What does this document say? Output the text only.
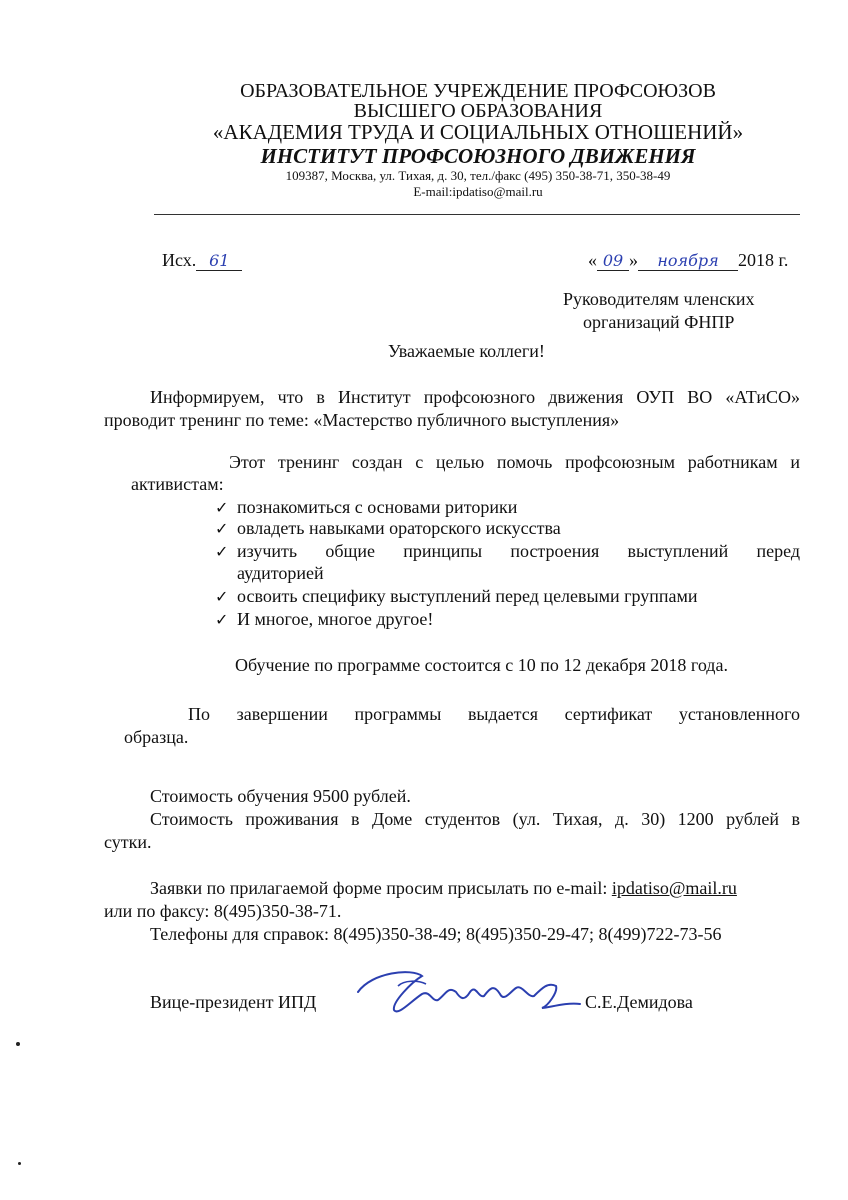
ОБРАЗОВАТЕЛЬНОЕ УЧРЕЖДЕНИЕ ПРОФСОЮЗОВ
ВЫСШЕГО ОБРАЗОВАНИЯ
«АКАДЕМИЯ ТРУДА И СОЦИАЛЬНЫХ ОТНОШЕНИЙ»
ИНСТИТУТ ПРОФСОЮЗНОГО ДВИЖЕНИЯ
109387, Москва, ул. Тихая, д. 30, тел./факс (495) 350-38-71, 350-38-49
E-mail:ipdatiso@mail.ru
Исх. 61	« 09 » ноября 2018 г.
Руководителям членских
организаций ФНПР
Уважаемые коллеги!
Информируем, что в Институт профсоюзного движения ОУП ВО «АТиСО»
проводит тренинг по теме: «Мастерство публичного выступления»
Этот тренинг создан с целью помочь профсоюзным работникам и
активистам:
✓ познакомиться с основами риторики
✓ овладеть навыками ораторского искусства
✓ изучить общие принципы построения выступлений перед
аудиторией
✓ освоить специфику выступлений перед целевыми группами
✓ И многое, многое другое!
Обучение по программе состоится с 10 по 12 декабря 2018 года.
По завершении программы выдается сертификат установленного
образца.
Стоимость обучения 9500 рублей.
Стоимость проживания в Доме студентов (ул. Тихая, д. 30) 1200 рублей в
сутки.
Заявки по прилагаемой форме просим присылать по e-mail: ipdatiso@mail.ru
или по факсу: 8(495)350-38-71.
Телефоны для справок: 8(495)350-38-49; 8(495)350-29-47; 8(499)722-73-56
Вице-президент ИПД	С.Е.Демидова
